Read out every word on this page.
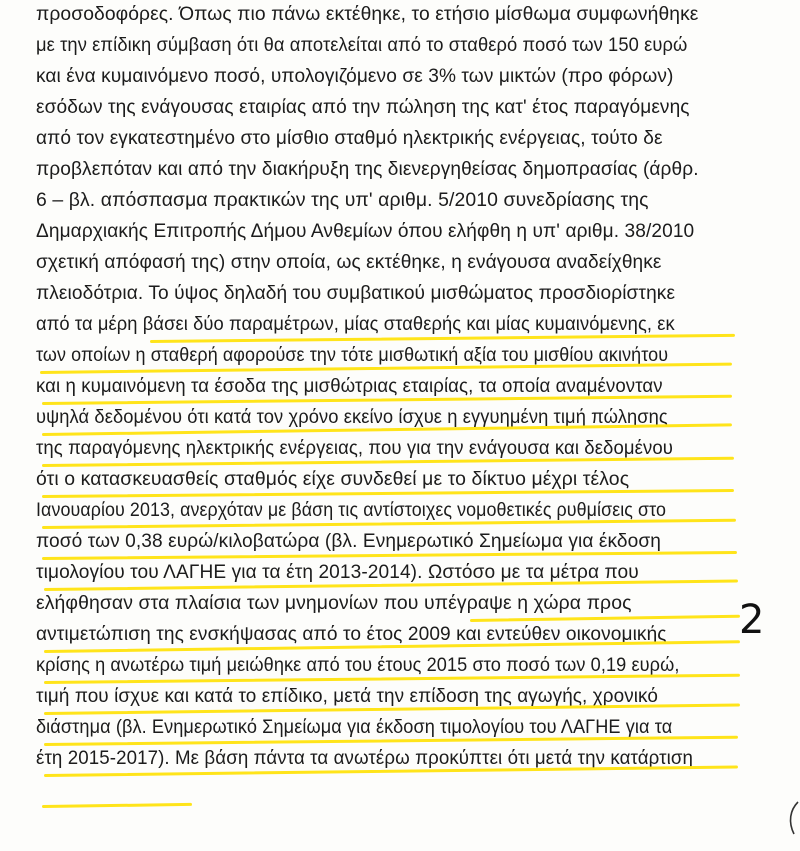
προσοδοφόρες. Όπως πιο πάνω εκτέθηκε, το ετήσιο μίσθωμα συμφωνήθηκε
με την επίδικη σύμβαση ότι θα αποτελείται από το σταθερό ποσό των 150 ευρώ
και ένα κυμαινόμενο ποσό, υπολογιζόμενο σε 3% των μικτών (προ φόρων)
εσόδων της ενάγουσας εταιρίας από την πώληση της κατ' έτος παραγόμενης
από τον εγκατεστημένο στο μίσθιο σταθμό ηλεκτρικής ενέργειας, τούτο δε
προβλεπόταν και από την διακήρυξη της διενεργηθείσας δημοπρασίας (άρθρ.
6 – βλ. απόσπασμα πρακτικών της υπ' αριθμ. 5/2010 συνεδρίασης της
Δημαρχιακής Επιτροπής Δήμου Ανθεμίων όπου ελήφθη η υπ' αριθμ. 38/2010
σχετική απόφασή της) στην οποία, ως εκτέθηκε, η ενάγουσα αναδείχθηκε
πλειοδότρια. Το ύψος δηλαδή του συμβατικού μισθώματος προσδιορίστηκε
από τα μέρη βάσει δύο παραμέτρων, μίας σταθερής και μίας κυμαινόμενης, εκ
των οποίων η σταθερή αφορούσε την τότε μισθωτική αξία του μισθίου ακινήτου
και η κυμαινόμενη τα έσοδα της μισθώτριας εταιρίας, τα οποία αναμένονταν
υψηλά δεδομένου ότι κατά τον χρόνο εκείνο ίσχυε η εγγυημένη τιμή πώλησης
της παραγόμενης ηλεκτρικής ενέργειας, που για την ενάγουσα και δεδομένου
ότι ο κατασκευασθείς σταθμός είχε συνδεθεί με το δίκτυο μέχρι τέλος
Ιανουαρίου 2013, ανερχόταν με βάση τις αντίστοιχες νομοθετικές ρυθμίσεις στο
ποσό των 0,38 ευρώ/κιλοβατώρα (βλ. Ενημερωτικό Σημείωμα για έκδοση
τιμολογίου του ΛΑΓΗΕ για τα έτη 2013-2014). Ωστόσο με τα μέτρα που
ελήφθησαν στα πλαίσια των μνημονίων που υπέγραψε η χώρα προς
αντιμετώπιση της ενσκήψασας από το έτος 2009 και εντεύθεν οικονομικής
κρίσης η ανωτέρω τιμή μειώθηκε από του έτους 2015 στο ποσό των 0,19 ευρώ,
τιμή που ίσχυε και κατά το επίδικο, μετά την επίδοση της αγωγής, χρονικό
διάστημα (βλ. Ενημερωτικό Σημείωμα για έκδοση τιμολογίου του ΛΑΓΗΕ για τα
έτη 2015-2017). Με βάση πάντα τα ανωτέρω προκύπτει ότι μετά την κατάρτιση
2
